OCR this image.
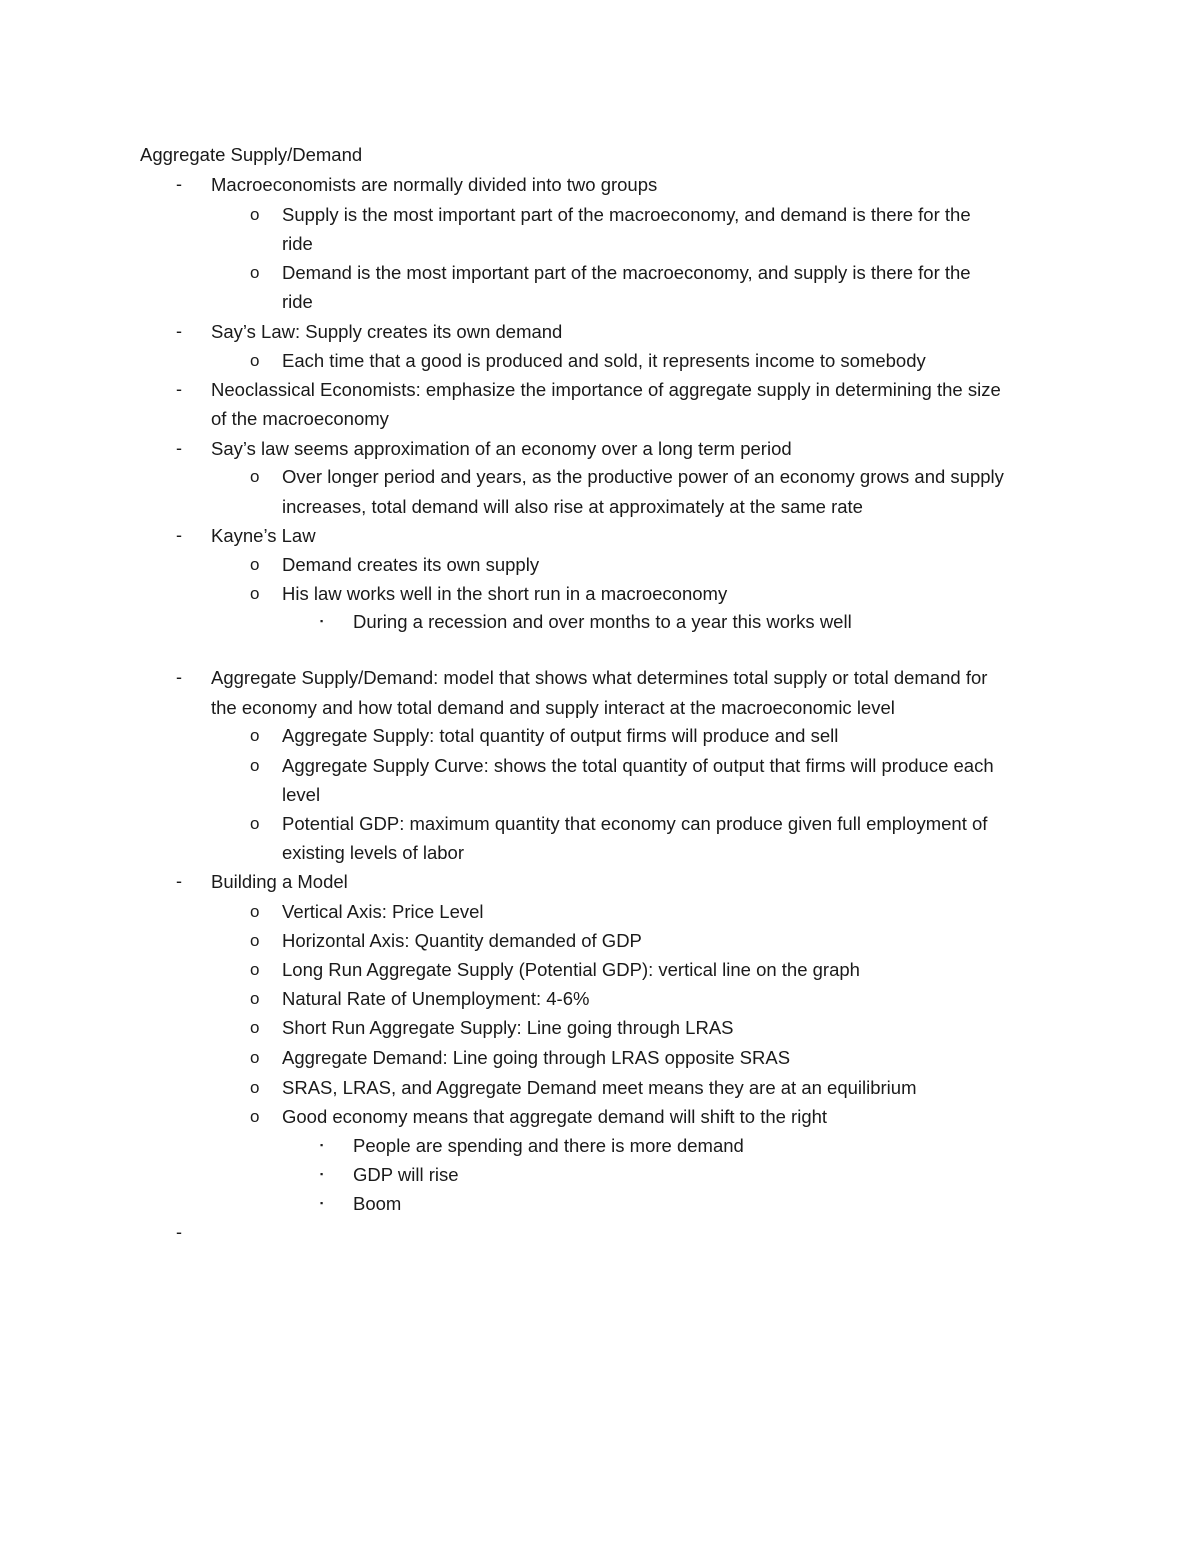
Aggregate Supply/Demand
- Macroeconomists are normally divided into two groups
o Supply is the most important part of the macroeconomy, and demand is there for the
ride
o Demand is the most important part of the macroeconomy, and supply is there for the
ride
- Say’s Law: Supply creates its own demand
o Each time that a good is produced and sold, it represents income to somebody
- Neoclassical Economists: emphasize the importance of aggregate supply in determining the size
of the macroeconomy
- Say’s law seems approximation of an economy over a long term period
o Over longer period and years, as the productive power of an economy grows and supply
increases, total demand will also rise at approximately at the same rate
- Kayne’s Law
o Demand creates its own supply
o His law works well in the short run in a macroeconomy
▪ During a recession and over months to a year this works well
- Aggregate Supply/Demand: model that shows what determines total supply or total demand for
the economy and how total demand and supply interact at the macroeconomic level
o Aggregate Supply: total quantity of output firms will produce and sell
o Aggregate Supply Curve: shows the total quantity of output that firms will produce each
level
o Potential GDP: maximum quantity that economy can produce given full employment of
existing levels of labor
- Building a Model
o Vertical Axis: Price Level
o Horizontal Axis: Quantity demanded of GDP
o Long Run Aggregate Supply (Potential GDP): vertical line on the graph
o Natural Rate of Unemployment: 4-6%
o Short Run Aggregate Supply: Line going through LRAS
o Aggregate Demand: Line going through LRAS opposite SRAS
o SRAS, LRAS, and Aggregate Demand meet means they are at an equilibrium
o Good economy means that aggregate demand will shift to the right
▪ People are spending and there is more demand
▪ GDP will rise
▪ Boom
-
